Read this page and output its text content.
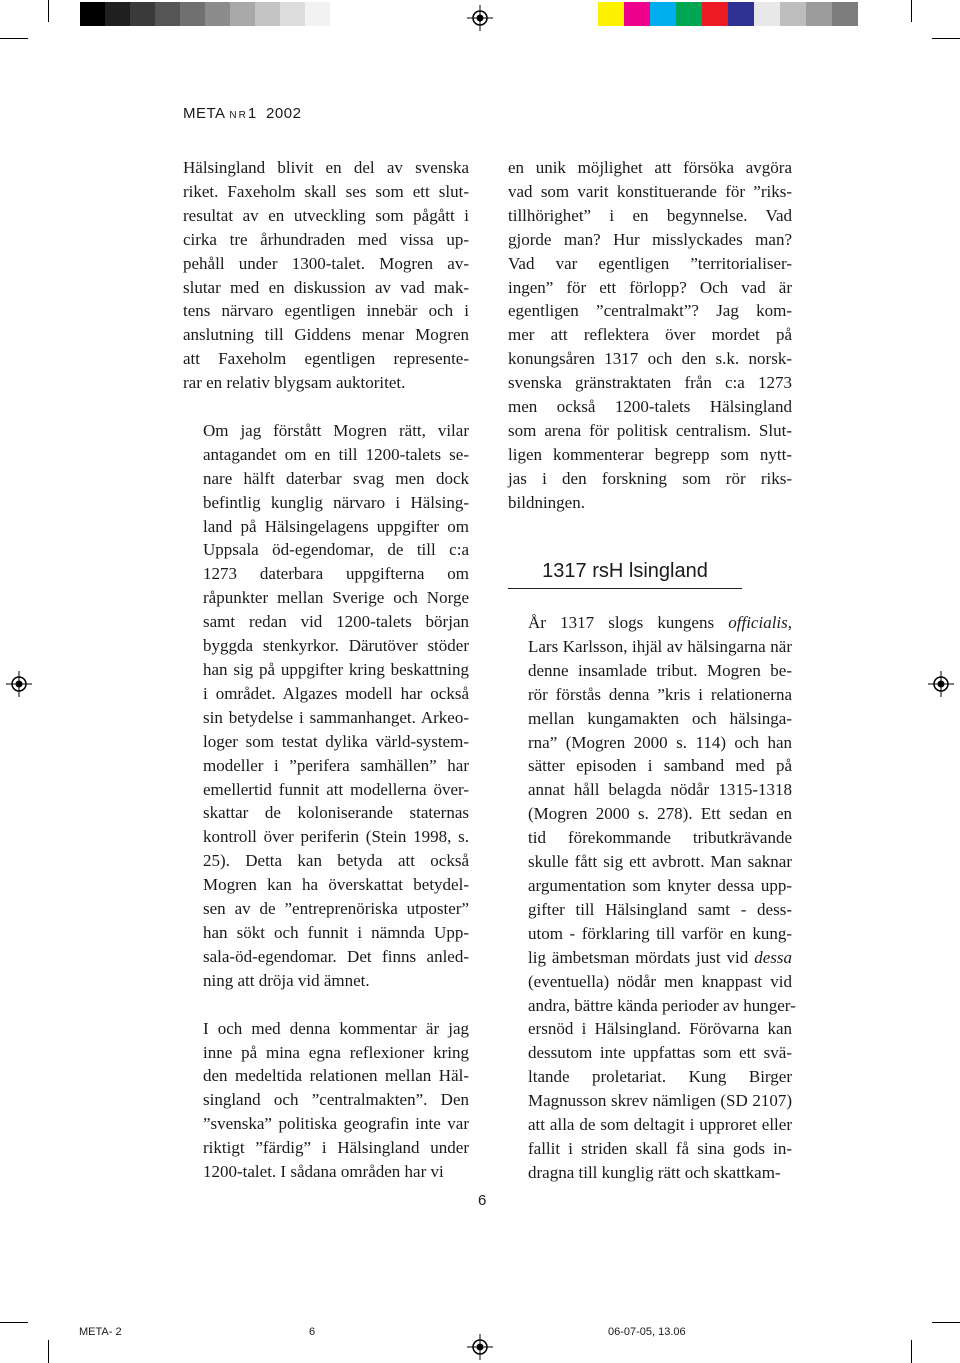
META NR1 2002

Hälsingland blivit en del av svenska
riket. Faxeholm skall ses som ett slut-
resultat av en utveckling som pågått i
cirka tre århundraden med vissa up-
pehåll under 1300-talet. Mogren av-
slutar med en diskussion av vad mak-
tens närvaro egentligen innebär och i
anslutning till Giddens menar Mogren
att Faxeholm egentligen represente-
rar en relativ blygsam auktoritet.

Om jag förstått Mogren rätt, vilar
antagandet om en till 1200-talets se-
nare hälft daterbar svag men dock
befintlig kunglig närvaro i Hälsing-
land på Hälsingelagens uppgifter om
Uppsala öd-egendomar, de till c:a
1273 daterbara uppgifterna om
råpunkter mellan Sverige och Norge
samt redan vid 1200-talets början
byggda stenkyrkor. Därutöver stöder
han sig på uppgifter kring beskattning
i området. Algazes modell har också
sin betydelse i sammanhanget. Arkeo-
loger som testat dylika värld-system-
modeller i ”perifera samhällen” har
emellertid funnit att modellerna över-
skattar de koloniserande staternas
kontroll över periferin (Stein 1998, s.
25). Detta kan betyda att också
Mogren kan ha överskattat betydel-
sen av de ”entreprenöriska utposter”
han sökt och funnit i nämnda Upp-
sala-öd-egendomar. Det finns anled-
ning att dröja vid ämnet.

I och med denna kommentar är jag
inne på mina egna reflexioner kring
den medeltida relationen mellan Häl-
singland och ”centralmakten”. Den
”svenska” politiska geografin inte var
riktigt ”färdig” i Hälsingland under
1200-talet. I sådana områden har vi

en unik möjlighet att försöka avgöra
vad som varit konstituerande för ”riks-
tillhörighet” i en begynnelse. Vad
gjorde man? Hur misslyckades man?
Vad var egentligen ”territorialiser-
ingen” för ett förlopp? Och vad är
egentligen ”centralmakt”? Jag kom-
mer att reflektera över mordet på
konungsåren 1317 och den s.k. norsk-
svenska gränstraktaten från c:a 1273
men också 1200-talets Hälsingland
som arena för politisk centralism. Slut-
ligen kommenterar begrepp som nytt-
jas i den forskning som rör riks-
bildningen.

1317 rsH lsingland

År 1317 slogs kungens officialis,
Lars Karlsson, ihjäl av hälsingarna när
denne insamlade tribut. Mogren be-
rör förstås denna ”kris i relationerna
mellan kungamakten och hälsinga-
rna” (Mogren 2000 s. 114) och han
sätter episoden i samband med på
annat håll belagda nödår 1315-1318
(Mogren 2000 s. 278). Ett sedan en
tid förekommande tributkrävande
skulle fått sig ett avbrott. Man saknar
argumentation som knyter dessa upp-
gifter till Hälsingland samt - dess-
utom - förklaring till varför en kung-
lig ämbetsman mördats just vid dessa
(eventuella) nödår men knappast vid
andra, bättre kända perioder av hunger-
ersnöd i Hälsingland. Förövarna kan
dessutom inte uppfattas som ett svä-
ltande proletariat. Kung Birger
Magnusson skrev nämligen (SD 2107)
att alla de som deltagit i upproret eller
fallit i striden skall få sina gods in-
dragna till kunglig rätt och skattkam-

6
META- 2	6	06-07-05, 13.06
